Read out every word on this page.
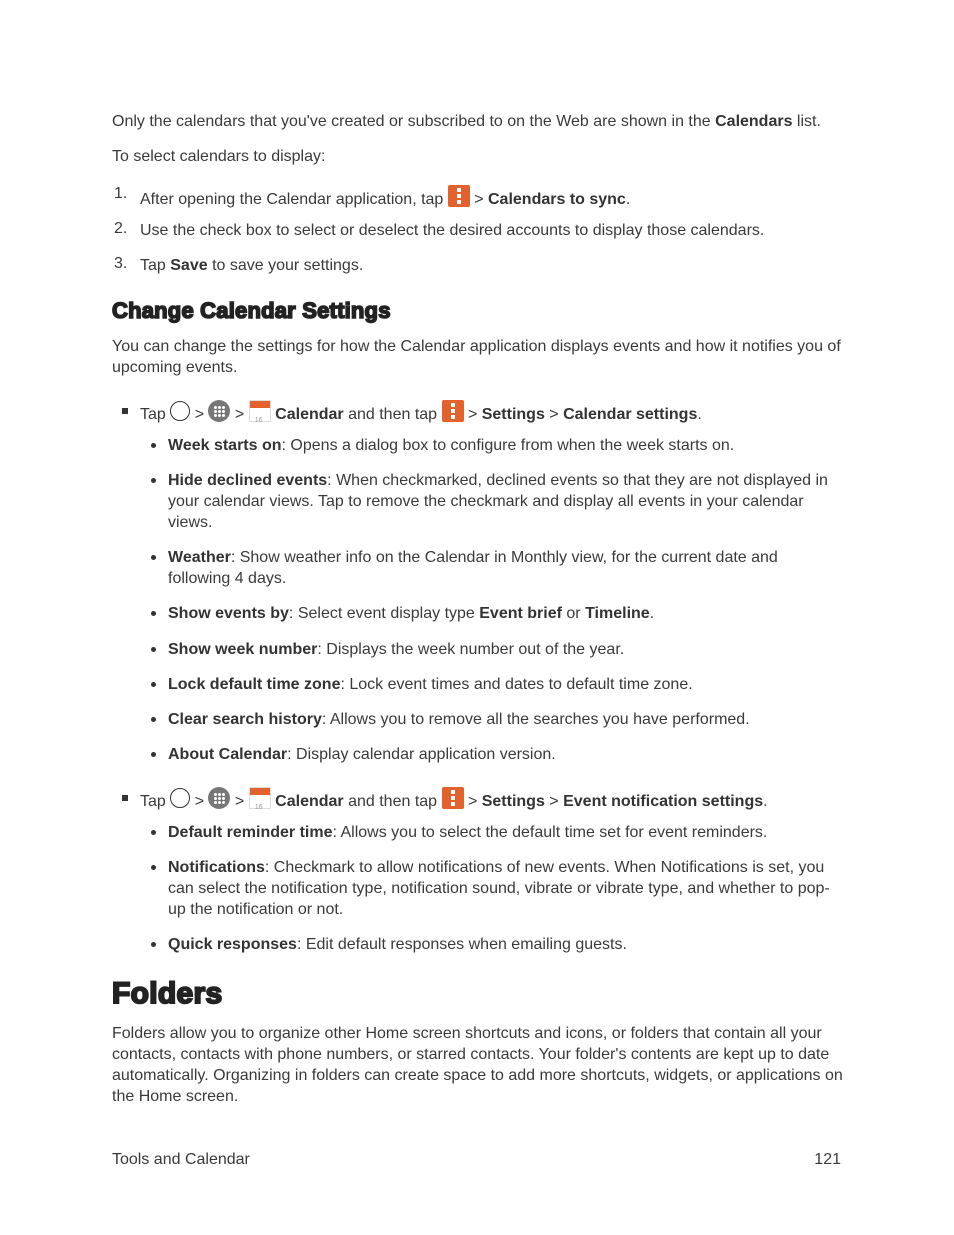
Only the calendars that you've created or subscribed to on the Web are shown in the Calendars list.

To select calendars to display:

1. After opening the Calendar application, tap
> Calendars to sync.

2. Use the check box to select or deselect the desired accounts to display those calendars.

3. Tap Save to save your settings.

Change Calendar Settings

You can change the settings for how the Calendar application displays events and how it notifies you of upcoming events.

Tap  >
> 16 Calendar and then tap
> Settings > Calendar settings.

Week starts on: Opens a dialog box to configure from when the week starts on.

Hide declined events: When checkmarked, declined events so that they are not displayed in your calendar views. Tap to remove the checkmark and display all events in your calendar views.

Weather: Show weather info on the Calendar in Monthly view, for the current date and following 4 days.

Show events by: Select event display type Event brief or Timeline.

Show week number: Displays the week number out of the year.

Lock default time zone: Lock event times and dates to default time zone.

Clear search history: Allows you to remove all the searches you have performed.

About Calendar: Display calendar application version.

Tap  >
> 16 Calendar and then tap
> Settings > Event notification settings.

Default reminder time: Allows you to select the default time set for event reminders.

Notifications: Checkmark to allow notifications of new events. When Notifications is set, you can select the notification type, notification sound, vibrate or vibrate type, and whether to pop-up the notification or not.

Quick responses: Edit default responses when emailing guests.

Folders

Folders allow you to organize other Home screen shortcuts and icons, or folders that contain all your contacts, contacts with phone numbers, or starred contacts. Your folder's contents are kept up to date automatically. Organizing in folders can create space to add more shortcuts, widgets, or applications on the Home screen.

Tools and Calendar	121
